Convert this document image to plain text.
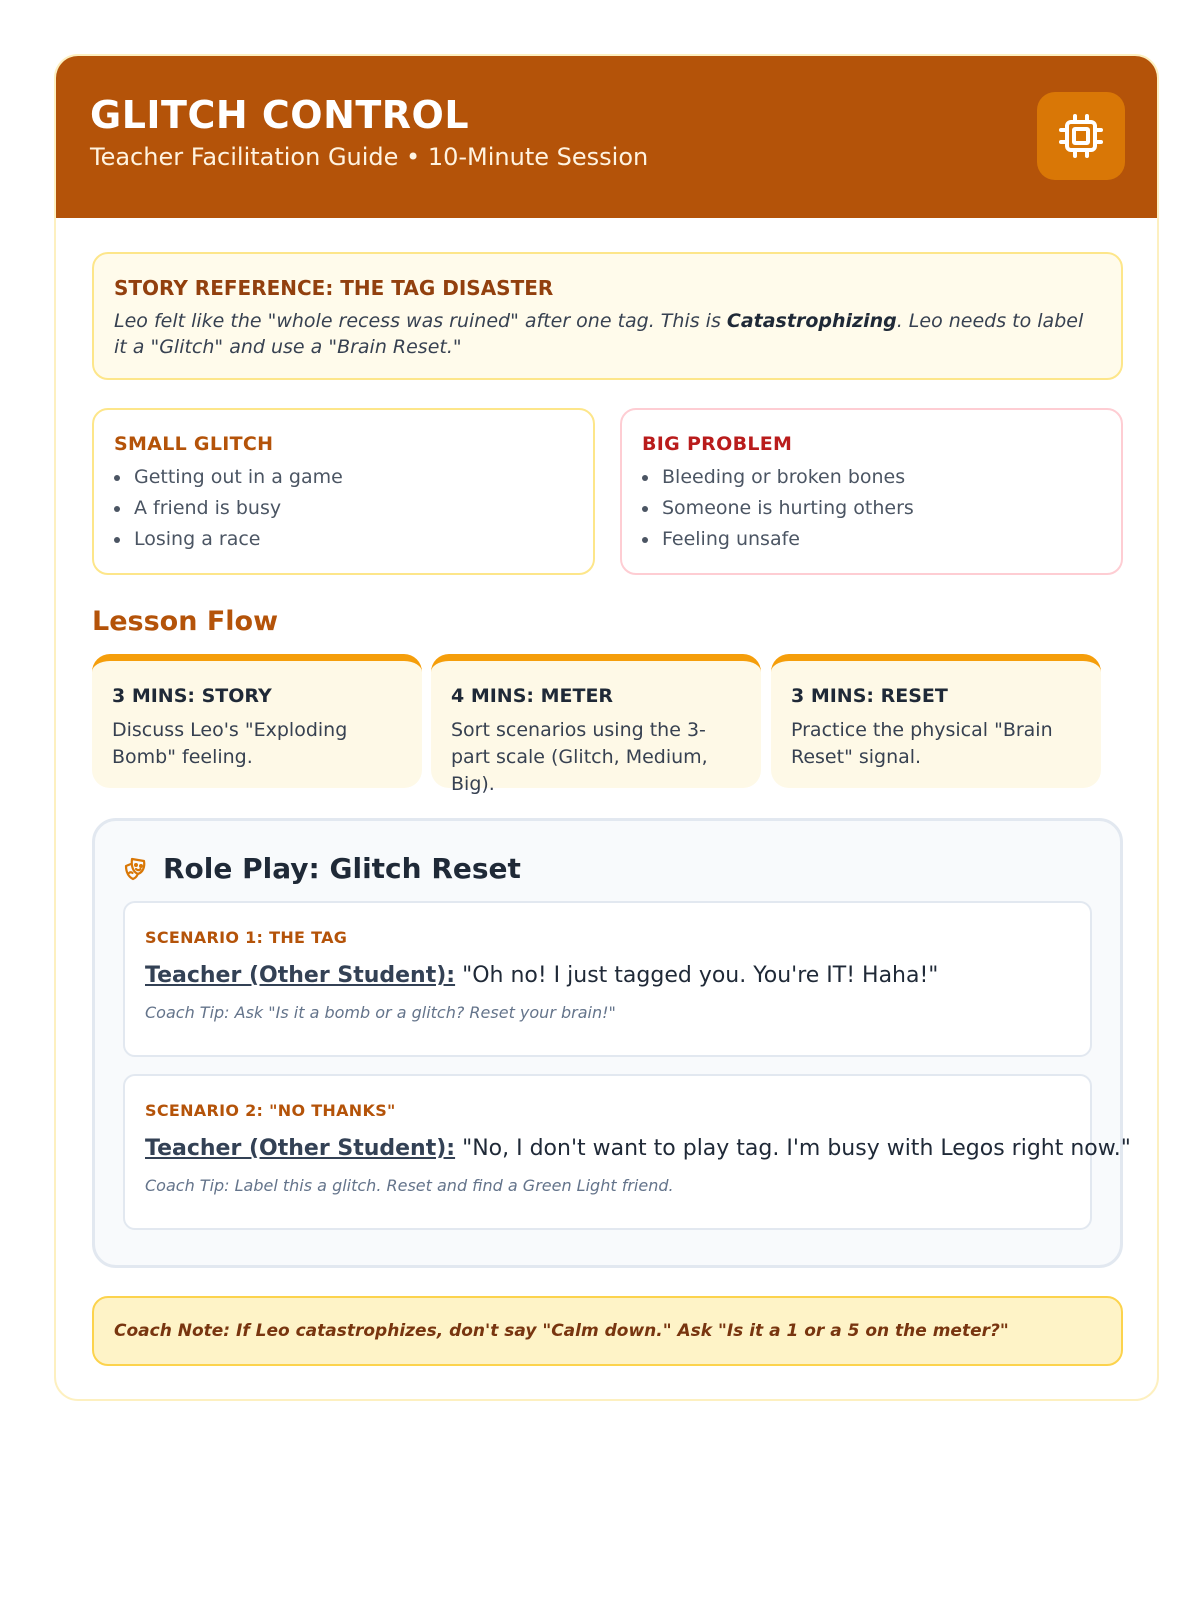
GLITCH CONTROL
Teacher Facilitation Guide • 10-Minute Session
STORY REFERENCE: THE TAG DISASTER
Leo felt like the "whole recess was ruined" after one tag. This is Catastrophizing. Leo needs to label it a "Glitch" and use a "Brain Reset."
SMALL GLITCH
Getting out in a game
A friend is busy
Losing a race
BIG PROBLEM
Bleeding or broken bones
Someone is hurting others
Feeling unsafe
Lesson Flow
3 MINS: STORY
Discuss Leo's "Exploding Bomb" feeling.
4 MINS: METER
Sort scenarios using the 3-part scale (Glitch, Medium, Big).
3 MINS: RESET
Practice the physical "Brain Reset" signal.
Role Play: Glitch Reset
SCENARIO 1: THE TAG
Teacher (Other Student): "Oh no! I just tagged you. You're IT! Haha!"
Coach Tip: Ask "Is it a bomb or a glitch? Reset your brain!"
SCENARIO 2: "NO THANKS"
Teacher (Other Student): "No, I don't want to play tag. I'm busy with Legos right now."
Coach Tip: Label this a glitch. Reset and find a Green Light friend.
Coach Note: If Leo catastrophizes, don't say "Calm down." Ask "Is it a 1 or a 5 on the meter?"
